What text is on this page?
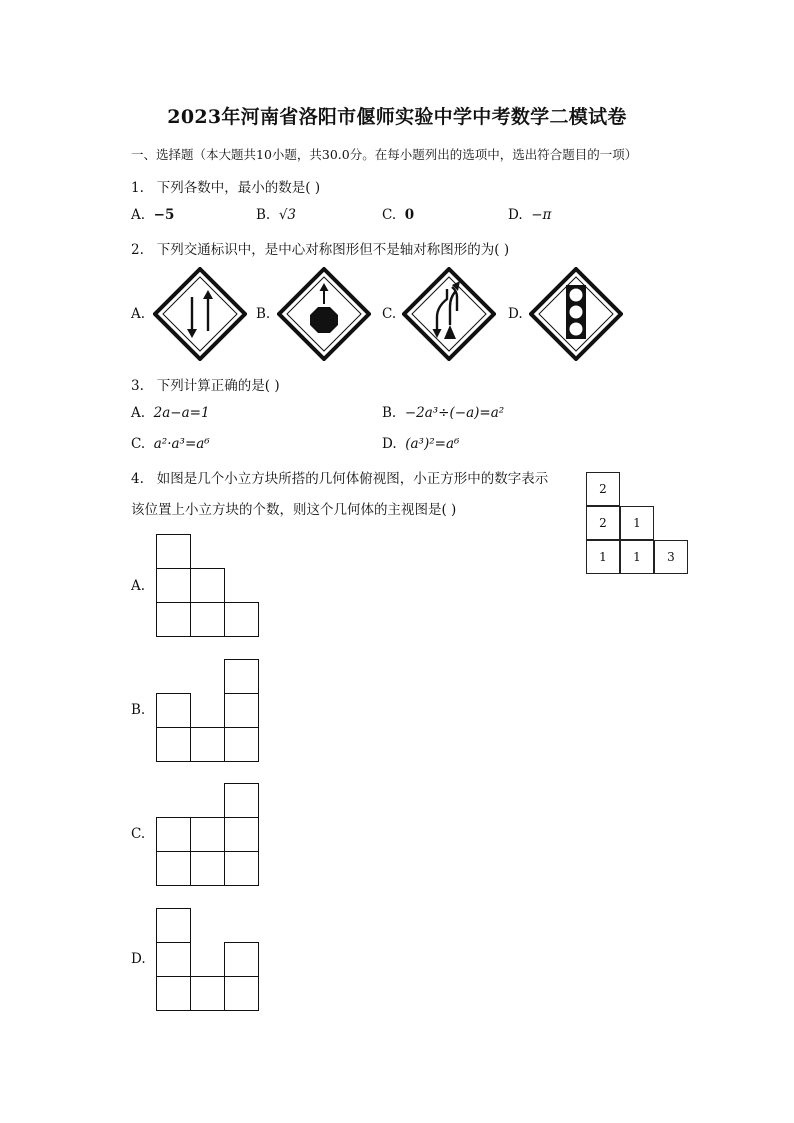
2023年河南省洛阳市偃师实验中学中考数学二模试卷
一、选择题（本大题共10小题，共30.0分。在每小题列出的选项中，选出符合题目的一项）
1. 下列各数中，最小的数是( )
A. −5	B. √3	C. 0	D. −π
2. 下列交通标识中，是中心对称图形但不是轴对称图形的为( )
A.	B.	C.	D.
3. 下列计算正确的是( )
A. 2a−a=1	B. −2a³÷(−a)=a²
C. a²·a³=a⁶	D. (a³)²=a⁶
4. 如图是几个小立方块所搭的几何体俯视图，小正方形中的数字表示
该位置上小立方块的个数，则这个几何体的主视图是( )
2
2	1
1	1	3
A.
B.
C.
D.
